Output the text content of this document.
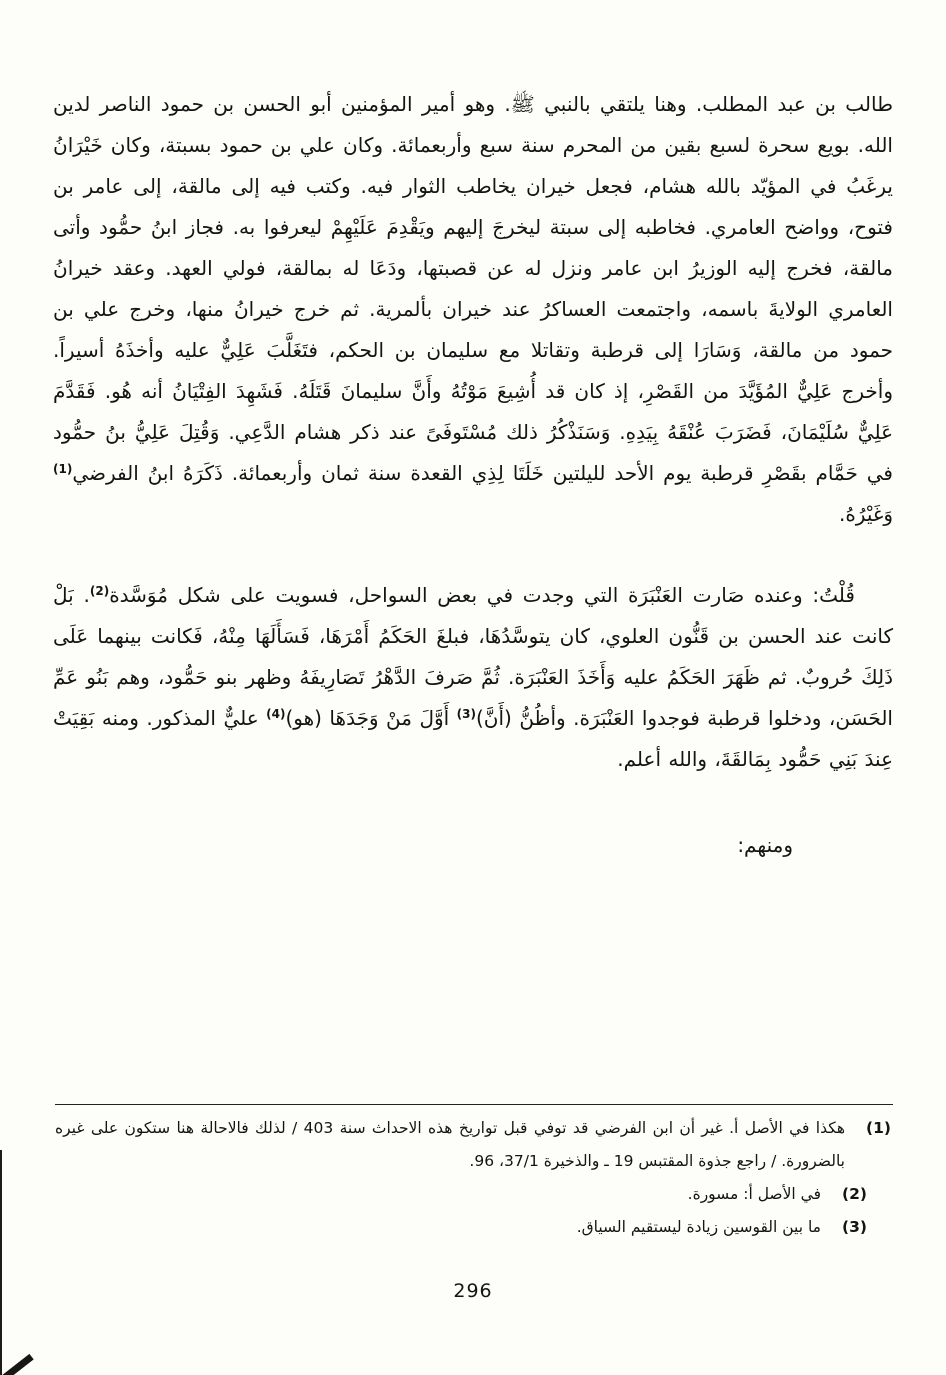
طالب بن عبد المطلب. وهنا يلتقي بالنبي ﷺ. وهو أمير المؤمنين أبو الحسن بن حمود الناصر لدين الله. بويع سحرة لسبع بقين من المحرم سنة سبع وأربعمائة. وكان علي بن حمود بسبتة، وكان خَيْرَانُ يرغَبُ في المؤيّد بالله هشام، فجعل خيران يخاطب الثوار فيه. وكتب فيه إلى مالقة، إلى عامر بن فتوح، وواضح العامري. فخاطبه إلى سبتة ليخرجَ إليهم ويَقْدِمَ عَلَيْهِمْ ليعرفوا به. فجاز ابنُ حمُّود وأتى مالقة، فخرج إليه الوزيرُ ابن عامر ونزل له عن قصبتها، ودَعَا له بمالقة، فولي العهد. وعقد خيرانُ العامري الولايةَ باسمه، واجتمعت العساكرُ عند خيران بألمرية. ثم خرج خيرانُ منها، وخرج علي بن حمود من مالقة، وَسَارَا إلى قرطبة وتقاتلا مع سليمان بن الحكم، فتَغَلَّبَ عَلِيٌّ عليه وأخذَهُ أسيراً. وأخرج عَلِيٌّ المُؤَيَّدَ من القَصْرِ، إذ كان قد أُشِيعَ مَوْتُهُ وأَنَّ سليمانَ قَتَلَهُ. فَشَهِدَ الفِتْيَانُ أنه هُو. فَقَدَّمَ عَلِيٌّ سُلَيْمَانَ، فَضَرَبَ عُنْقَهُ بِيَدِهِ. وَسَنَذْكُرُ ذلك مُسْتَوفَىً عند ذكر هشام الدَّعِي. وَقُتِلَ عَلِيُّ بنُ حمُّود في حَمَّام بقَصْرِ قرطبة يوم الأحد لليلتين خَلَتَا لِذِي القعدة سنة ثمان وأربعمائة. ذَكَرَهُ ابنُ الفرضي$^{(1)}$ وَغَيْرُهُ.

قُلْتُ: وعنده صَارت العَنْبَرَة التي وجدت في بعض السواحل، فسويت على شكل مُوَسَّدة$^{(2)}$. بَلْ كانت عند الحسن بن قَنُّون العلوي، كان يتوسَّدُهَا، فبلغَ الحَكَمُ أَمْرَهَا، فَسَأَلَهَا مِنْهُ، فَكانت بينهما عَلَى ذَلِكَ حُروبٌ. ثم ظَهَرَ الحَكَمُ عليه وَأَخَذَ العَنْبَرَة. ثُمَّ صَرفَ الدَّهْرُ تَصَارِيفَهُ وظهر بنو حَمُّود، وهم بَنُو عَمِّ الحَسَن، ودخلوا قرطبة فوجدوا العَنْبَرَة. وأظُنُّ (أَنَّ)$^{(3)}$ أَوَّلَ مَنْ وَجَدَهَا (هو)$^{(4)}$ عليٌّ المذكور. ومنه بَقِيَتْ عِندَ بَنِي حَمُّود بِمَالقَةَ، والله أعلم.

ومنهم:

(1)
هكذا في الأصل أ. غير أن ابن الفرضي قد توفي قبل تواريخ هذه الاحداث سنة 403 / لذلك فالاحالة هنا ستكون على غيره بالضرورة. / راجع جذوة المقتبس 19 ـ والذخيرة 37/1، 96.
(2)
في الأصل أ: مسورة.
(3)
ما بين القوسين زيادة ليستقيم السياق.
296
